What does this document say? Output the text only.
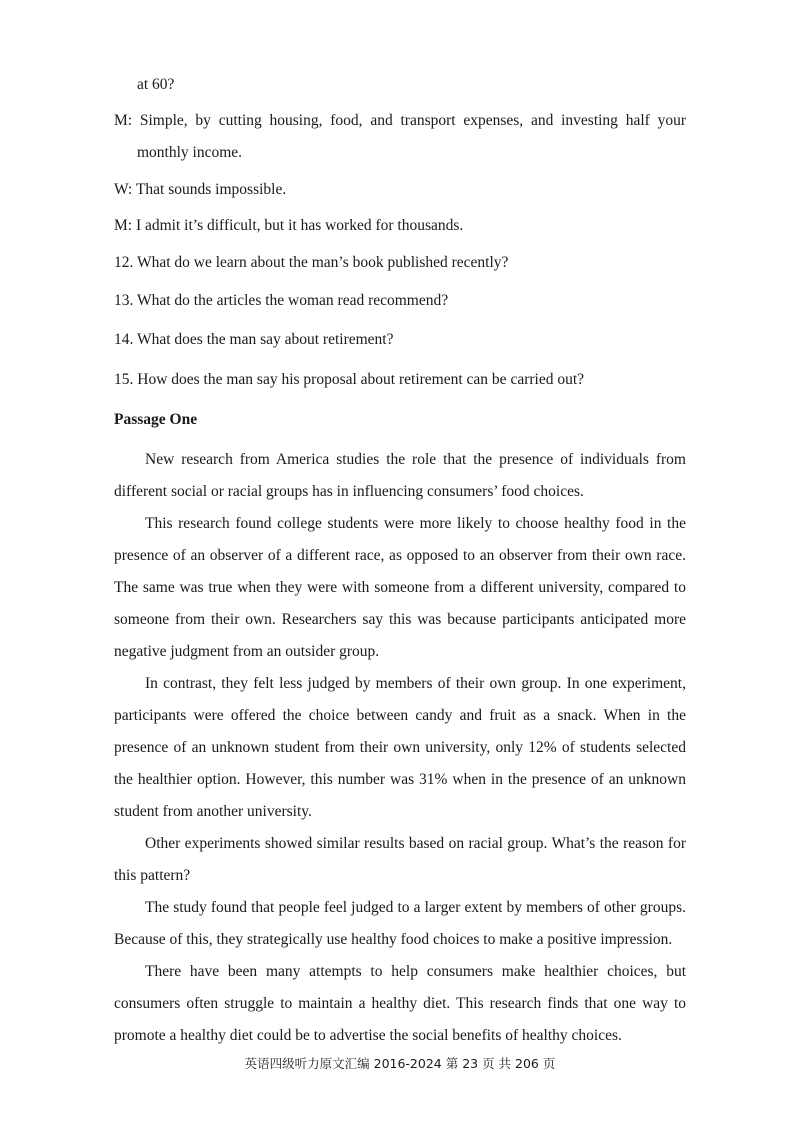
at 60?

M: Simple, by cutting housing, food, and transport expenses, and investing half your monthly income.

W: That sounds impossible.

M: I admit it’s difficult, but it has worked for thousands.

12. What do we learn about the man’s book published recently?

13. What do the articles the woman read recommend?

14. What does the man say about retirement?

15. How does the man say his proposal about retirement can be carried out?

Passage One

New research from America studies the role that the presence of individuals from different social or racial groups has in influencing consumers’ food choices.

This research found college students were more likely to choose healthy food in the presence of an observer of a different race, as opposed to an observer from their own race. The same was true when they were with someone from a different university, compared to someone from their own. Researchers say this was because participants anticipated more negative judgment from an outsider group.

In contrast, they felt less judged by members of their own group. In one experiment, participants were offered the choice between candy and fruit as a snack. When in the presence of an unknown student from their own university, only 12% of students selected the healthier option. However, this number was 31% when in the presence of an unknown student from another university.

Other experiments showed similar results based on racial group. What’s the reason for this pattern?

The study found that people feel judged to a larger extent by members of other groups. Because of this, they strategically use healthy food choices to make a positive impression.

There have been many attempts to help consumers make healthier choices, but consumers often struggle to maintain a healthy diet. This research finds that one way to promote a healthy diet could be to advertise the social benefits of healthy choices.

英语四级听力原文汇编 2016-2024 第 23 页 共 206 页
